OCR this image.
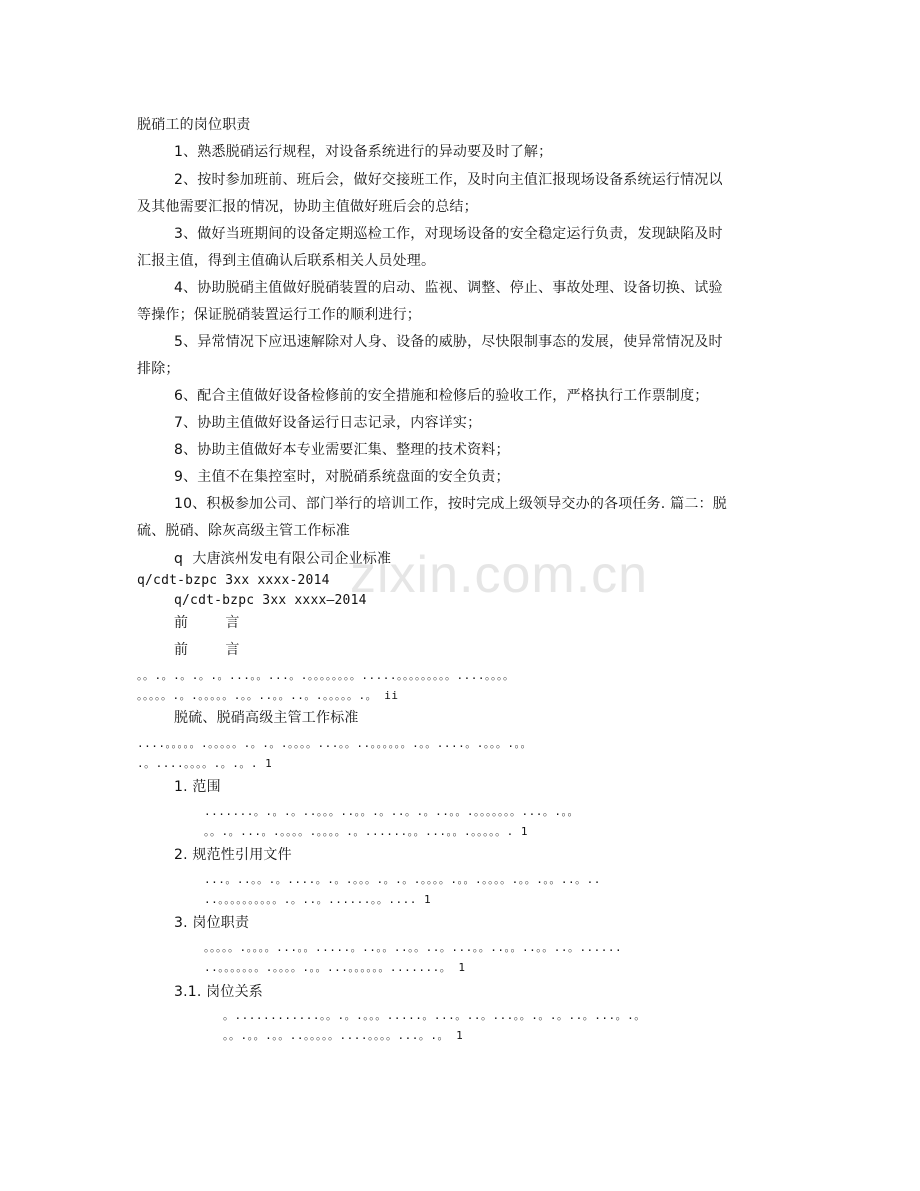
zixin.com.cn
脱硝工的岗位职责
1、熟悉脱硝运行规程，对设备系统进行的异动要及时了解；
2、按时参加班前、班后会，做好交接班工作，及时向主值汇报现场设备系统运行情况以
及其他需要汇报的情况，协助主值做好班后会的总结；
3、做好当班期间的设备定期巡检工作，对现场设备的安全稳定运行负责，发现缺陷及时
汇报主值，得到主值确认后联系相关人员处理。
4、协助脱硝主值做好脱硝装置的启动、监视、调整、停止、事故处理、设备切换、试验
等操作；保证脱硝装置运行工作的顺利进行；
5、异常情况下应迅速解除对人身、设备的威胁，尽快限制事态的发展，使异常情况及时
排除；
6、配合主值做好设备检修前的安全措施和检修后的验收工作，严格执行工作票制度；
7、协助主值做好设备运行日志记录，内容详实；
8、协助主值做好本专业需要汇集、整理的技术资料；
9、主值不在集控室时，对脱硝系统盘面的安全负责；
10、积极参加公司、部门举行的培训工作，按时完成上级领导交办的各项任务. 篇二：脱
硫、脱硝、除灰高级主管工作标准
q  大唐滨州发电有限公司企业标准
q/cdt-bzpc 3xx xxxx-2014
q/cdt-bzpc 3xx xxxx—2014
前        言
前        言
。。.。.。.。.。...。。...。.。。。。。。。。.....。。。。。。。。。....。。。。
。。。。。.。.。。。。。.。。..。。..。.。。。。。.。 ii
脱硫、脱硝高级主管工作标准
....。。。。。.。。。。。.。.。.。。。。...。。..。。。。。。.。。....。.。。。.。。
.。....。。。。.。.。. 1
1. 范围
.......。.。.。..。。。..。。.。..。.。..。。.。。。。。。。...。.。。
。。.。...。.。。。。.。。。。.。......。。...。。.。。。。。. 1
2. 规范性引用文件
...。..。。.。....。.。.。。。.。.。.。。。。.。。.。。。。.。。.。。..。..
..。。。。。。。。。。.。..。......。。.... 1
3. 岗位职责
。。。。。.。。。。...。。.....。..。。..。。..。...。。..。。..。。..。......
..。。。。。。。.。。。。.。。...。。。。。。.......。 1
3.1. 岗位关系
。............。。.。.。。。.....。...。..。...。。.。.。..。...。.。
。。.。。.。。..。。。。。....。。。。...。.。 1
